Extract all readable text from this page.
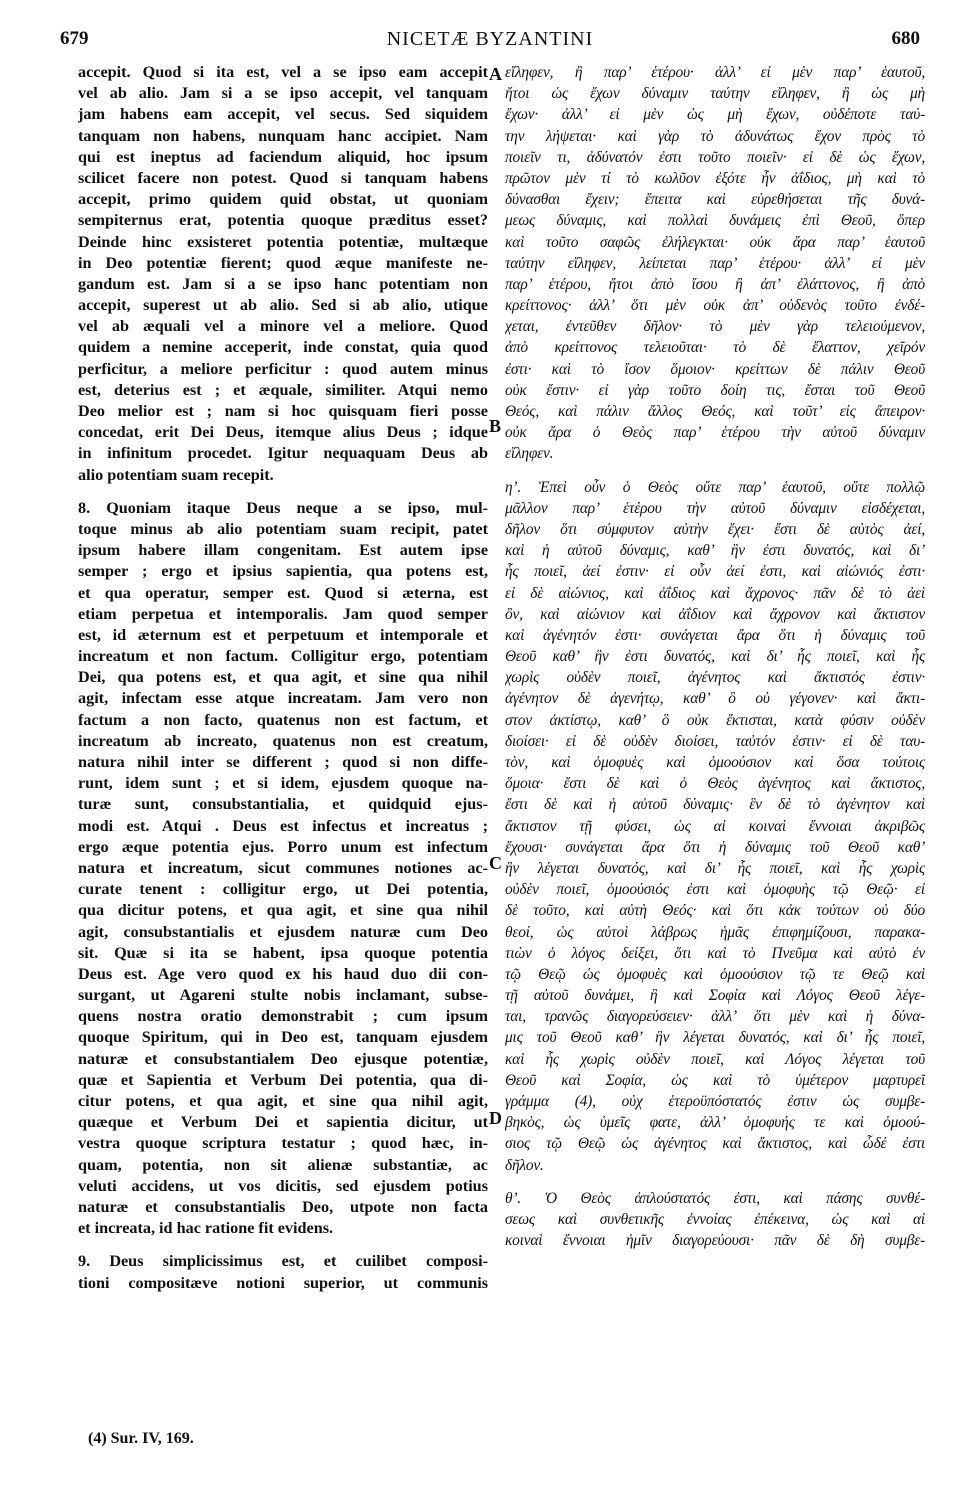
679	NICETÆ BYZANTINI	680
accepit. Quod si ita est, vel a se ipso eam accepit
vel ab alio. Jam si a se ipso accepit, vel tanquam
jam habens eam accepit, vel secus. Sed siquidem
tanquam non habens, nunquam hanc accipiet. Nam
qui est ineptus ad faciendum aliquid, hoc ipsum
scilicet facere non potest. Quod si tanquam habens
accepit, primo quidem quid obstat, ut quoniam
sempiternus erat, potentia quoque præditus esset?
Deinde hinc exsisteret potentia potentiæ, multæque
in Deo potentiæ fierent; quod æque manifeste ne-
gandum est. Jam si a se ipso hanc potentiam non
accepit, superest ut ab alio. Sed si ab alio, utique
vel ab æquali vel a minore vel a meliore. Quod
quidem a nemine acceperit, inde constat, quia quod
perficitur, a meliore perficitur : quod autem minus
est, deterius est ; et æquale, similiter. Atqui nemo
Deo melior est ; nam si hoc quisquam fieri posse
concedat, erit Dei Deus, itemque alius Deus ; idque
in infinitum procedet. Igitur nequaquam Deus ab
alio potentiam suam recepit.
8. Quoniam itaque Deus neque a se ipso, mul-
toque minus ab alio potentiam suam recipit, patet
ipsum habere illam congenitam. Est autem ipse
semper ; ergo et ipsius sapientia, qua potens est,
et qua operatur, semper est. Quod si æterna, est
etiam perpetua et intemporalis. Jam quod semper
est, id æternum est et perpetuum et intemporale et
increatum et non factum. Colligitur ergo, potentiam
Dei, qua potens est, et qua agit, et sine qua nihil
agit, infectam esse atque increatam. Jam vero non
factum a non facto, quatenus non est factum, et
increatum ab increato, quatenus non est creatum,
natura nihil inter se different ; quod si non diffe-
runt, idem sunt ; et si idem, ejusdem quoque na-
turæ sunt, consubstantialia, et quidquid ejus-
modi est. Atqui . Deus est infectus et increatus ;
ergo æque potentia ejus. Porro unum est infectum
natura et increatum, sicut communes notiones ac-
curate tenent : colligitur ergo, ut Dei potentia,
qua dicitur potens, et qua agit, et sine qua nihil
agit, consubstantialis et ejusdem naturæ cum Deo
sit. Quæ si ita se habent, ipsa quoque potentia
Deus est. Age vero quod ex his haud duo dii con-
surgant, ut Agareni stulte nobis inclamant, subse-
quens nostra oratio demonstrabit ; cum ipsum
quoque Spiritum, qui in Deo est, tanquam ejusdem
naturæ et consubstantialem Deo ejusque potentiæ,
quæ et Sapientia et Verbum Dei potentia, qua di-
citur potens, et qua agit, et sine qua nihil agit,
quæque et Verbum Dei et sapientia dicitur, ut
vestra quoque scriptura testatur ; quod hæc, in-
quam, potentia, non sit alienæ substantiæ, ac
veluti accidens, ut vos dicitis, sed ejusdem potius
naturæ et consubstantialis Deo, utpote non facta
et increata, id hac ratione fit evidens.
9. Deus simplicissimus est, et cuilibet composi-
tioni compositævе notioni superior, ut communis
εἴληφεν, ἢ παρ’ ἑτέρου· ἀλλ’ εἰ μὲν παρ’ ἑαυτοῦ,
ἤτοι ὡς ἔχων δύναμιν ταύτην εἴληφεν, ἢ ὡς μὴ
ἔχων· ἀλλ’ εἰ μὲν ὡς μὴ ἔχων, οὐδέποτε ταύ-
την λήψεται· καὶ γὰρ τὸ ἀδυνάτως ἔχον πρὸς τὸ
ποιεῖν τι, ἀδύνατόν ἐστι τοῦτο ποιεῖν· εἰ δὲ ὡς ἔχων,
πρῶτον μὲν τί τὸ κωλῦον ἐξότε ἦν ἀΐδιος, μὴ καὶ τὸ
δύνασθαι ἔχειν; ἔπειτα καὶ εὑρεθήσεται τῆς δυνά-
μεως δύναμις, καὶ πολλαὶ δυνάμεις ἐπὶ Θεοῦ, ὅπερ
καὶ τοῦτο σαφῶς ἐλήλεγκται· οὐκ ἄρα παρ’ ἑαυτοῦ
ταύτην εἴληφεν, λείπεται παρ’ ἑτέρου· ἀλλ’ εἰ μὲν
παρ’ ἑτέρου, ἤτοι ἀπὸ ἴσου ἢ ἀπ’ ἐλάττονος, ἢ ἀπὸ
κρείττονος· ἀλλ’ ὅτι μὲν οὐκ ἀπ’ οὐδενὸς τοῦτο ἐνδέ-
χεται, ἐντεῦθεν δῆλον· τὸ μὲν γὰρ τελειούμενον,
ἀπὸ κρείττονος τελειοῦται· τὸ δὲ ἔλαττον, χεῖρόν
ἐστι· καὶ τὸ ἴσον ὅμοιον· κρείττων δὲ πάλιν Θεοῦ
οὐκ ἔστιν· εἰ γὰρ τοῦτο δοίη τις, ἔσται τοῦ Θεοῦ
Θεός, καὶ πάλιν ἄλλος Θεός, καὶ τοῦτ’ εἰς ἄπειρον·
οὐκ ἄρα ὁ Θεὸς παρ’ ἑτέρου τὴν αὐτοῦ δύναμιν
εἴληφεν.
η’. Ἐπεὶ οὖν ὁ Θεὸς οὔτε παρ’ ἑαυτοῦ, οὔτε πολλῷ
μᾶλλον παρ’ ἑτέρου τὴν αὐτοῦ δύναμιν εἰσδέχεται,
δῆλον ὅτι σύμφυτον αὐτὴν ἔχει· ἔστι δὲ αὐτὸς ἀεί,
καὶ ἡ αὐτοῦ δύναμις, καθ’ ἣν ἐστι δυνατός, καὶ δι’
ἧς ποιεῖ, ἀεί ἐστιν· εἰ οὖν ἀεί ἐστι, καὶ αἰώνιός ἐστι·
εἰ δὲ αἰώνιος, καὶ ἀΐδιος καὶ ἄχρονος· πᾶν δὲ τὸ ἀεὶ
ὂν, καὶ αἰώνιον καὶ ἀΐδιον καὶ ἄχρονον καὶ ἄκτιστον
καὶ ἀγένητόν ἐστι· συνάγεται ἄρα ὅτι ἡ δύναμις τοῦ
Θεοῦ καθ’ ἣν ἐστι δυνατός, καὶ δι’ ἧς ποιεῖ, καὶ ἧς
χωρὶς οὐδὲν ποιεῖ, ἀγένητος καὶ ἄκτιστός ἐστιν·
ἀγένητον δὲ ἀγενήτῳ, καθ’ ὃ οὐ γέγονεν· καὶ ἄκτι-
στον ἀκτίστῳ, καθ’ ὃ οὐκ ἔκτισται, κατὰ φύσιν οὐδὲν
διοίσει· εἰ δὲ οὐδὲν διοίσει, ταὐτόν ἐστιν· εἰ δὲ ταυ-
τὸν, καὶ ὁμοφυὲς καὶ ὁμοούσιον καὶ ὅσα τούτοις
ὅμοια· ἔστι δὲ καὶ ὁ Θεὸς ἀγένητος καὶ ἄκτιστος,
ἔστι δὲ καὶ ἡ αὐτοῦ δύναμις· ἓν δὲ τὸ ἀγένητον καὶ
ἄκτιστον τῇ φύσει, ὡς αἱ κοιναὶ ἔννοιαι ἀκριβῶς
ἔχουσι· συνάγεται ἄρα ὅτι ἡ δύναμις τοῦ Θεοῦ καθ’
ἣν λέγεται δυνατός, καὶ δι’ ἧς ποιεῖ, καὶ ἧς χωρὶς
οὐδὲν ποιεῖ, ὁμοούσιός ἐστι καὶ ὁμοφυὴς τῷ Θεῷ· εἰ
δὲ τοῦτο, καὶ αὐτὴ Θεός· καὶ ὅτι κἀκ τούτων οὐ δύο
θεοί, ὡς αὐτοὶ λάβρως ἡμᾶς ἐπιφημίζουσι, παρακα-
τιὼν ὁ λόγος δείξει, ὅτι καὶ τὸ Πνεῦμα καὶ αὐτὸ ἐν
τῷ Θεῷ ὡς ὁμοφυὲς καὶ ὁμοούσιον τῷ τε Θεῷ καὶ
τῇ αὐτοῦ δυνάμει, ἣ καὶ Σοφία καὶ Λόγος Θεοῦ λέγε-
ται, τρανῶς διαγορεύσειεν· ἀλλ’ ὅτι μὲν καὶ ἡ δύνα-
μις τοῦ Θεοῦ καθ’ ἣν λέγεται δυνατός, καὶ δι’ ἧς ποιεῖ,
καὶ ἧς χωρὶς οὐδὲν ποιεῖ, καὶ Λόγος λέγεται τοῦ
Θεοῦ καὶ Σοφία, ὡς καὶ τὸ ὑμέτερον μαρτυρεῖ
γράμμα (4), οὐχ ἑτεροϋπόστατός ἐστιν ὡς συμβε-
βηκὸς, ὡς ὑμεῖς φατε, ἀλλ’ ὁμοφυής τε καὶ ὁμοού-
σιος τῷ Θεῷ ὡς ἀγένητος καὶ ἄκτιστος, καὶ ὧδέ ἐστι
δῆλον.
θ’. Ὁ Θεὸς ἁπλούστατός ἐστι, καὶ πάσης συνθέ-
σεως καὶ συνθετικῆς ἐννοίας ἐπέκεινα, ὡς καὶ αἱ
κοιναὶ ἔννοιαι ἡμῖν διαγορεύουσι· πᾶν δὲ δὴ συμβε-
A
B
C
D
(4) Sur. IV, 169.
